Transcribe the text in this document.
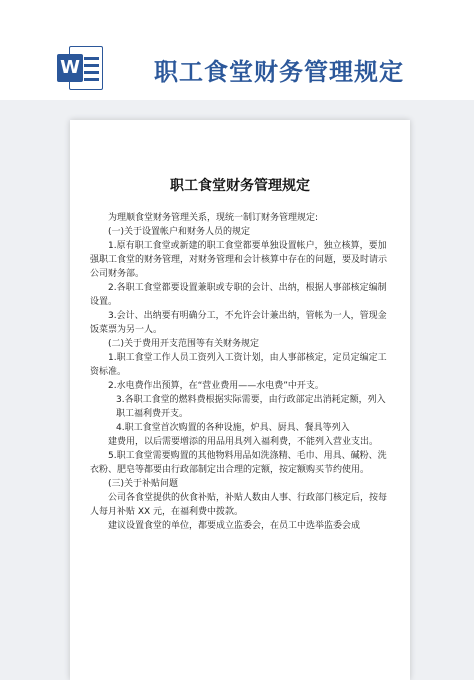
W	职工食堂财务管理规定
职工食堂财务管理规定

为理顺食堂财务管理关系，现统一制订财务管理规定:

(一)关于设置帐户和财务人员的规定

1.原有职工食堂或新建的职工食堂都要单独设置帐户，独立核算，要加强职工食堂的财务管理，对财务管理和会计核算中存在的问题，要及时请示公司财务部。

2.各职工食堂都要设置兼职或专职的会计、出纳，根据人事部核定编制设置。

3.会计、出纳要有明确分工，不允许会计兼出纳，管帐为一人，管现金饭菜票为另一人。

(二)关于费用开支范围等有关财务规定

1.职工食堂工作人员工资列入工资计划，由人事部核定，定员定编定工资标准。

2.水电费作出预算，在“营业费用——水电费”中开支。

3.各职工食堂的燃料费根据实际需要，由行政部定出消耗定额，列入职工福利费开支。

4.职工食堂首次购置的各种设施，炉具、厨具、餐具等列入

建费用，以后需要增添的用品用具列入福利费，不能列入营业支出。

5.职工食堂需要购置的其他物料用品如洗涤精、毛巾、用具、碱粉、洗衣粉、肥皂等都要由行政部制定出合理的定额，按定额购买节约使用。

(三)关于补贴问题

公司各食堂提供的伙食补贴，补贴人数由人事、行政部门核定后，按每人每月补贴 XX 元，在福利费中拨款。

建议设置食堂的单位，都要成立监委会，在员工中选举监委会成
